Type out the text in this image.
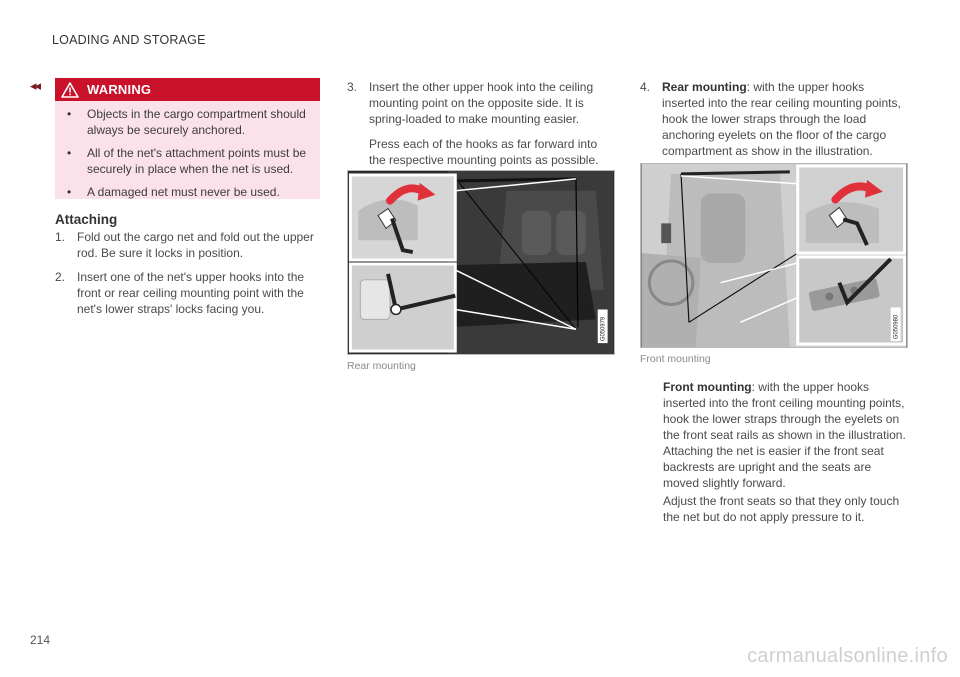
LOADING AND STORAGE
◂◂	WARNING
• Objects in the cargo compartment should always be securely anchored.
• All of the net's attachment points must be securely in place when the net is used.
• A damaged net must never be used.
Attaching
1. Fold out the cargo net and fold out the upper rod. Be sure it locks in position.
2. Insert one of the net's upper hooks into the front or rear ceiling mounting point with the net's lower straps' locks facing you.
3. Insert the other upper hook into the ceiling mounting point on the opposite side. It is spring-loaded to make mounting easier.

Press each of the hooks as far forward into the respective mounting points as possible.

4. Rear mounting: with the upper hooks inserted into the rear ceiling mounting points, hook the lower straps through the load anchoring eyelets on the floor of the cargo compartment as show in the illustration.
G050979
Rear mounting
G050980
Front mounting
Front mounting: with the upper hooks inserted into the front ceiling mounting points, hook the lower straps through the eyelets on the front seat rails as shown in the illustration. Attaching the net is easier if the front seat backrests are upright and the seats are moved slightly forward.
Adjust the front seats so that they only touch the net but do not apply pressure to it.
214
carmanualsonline.info
